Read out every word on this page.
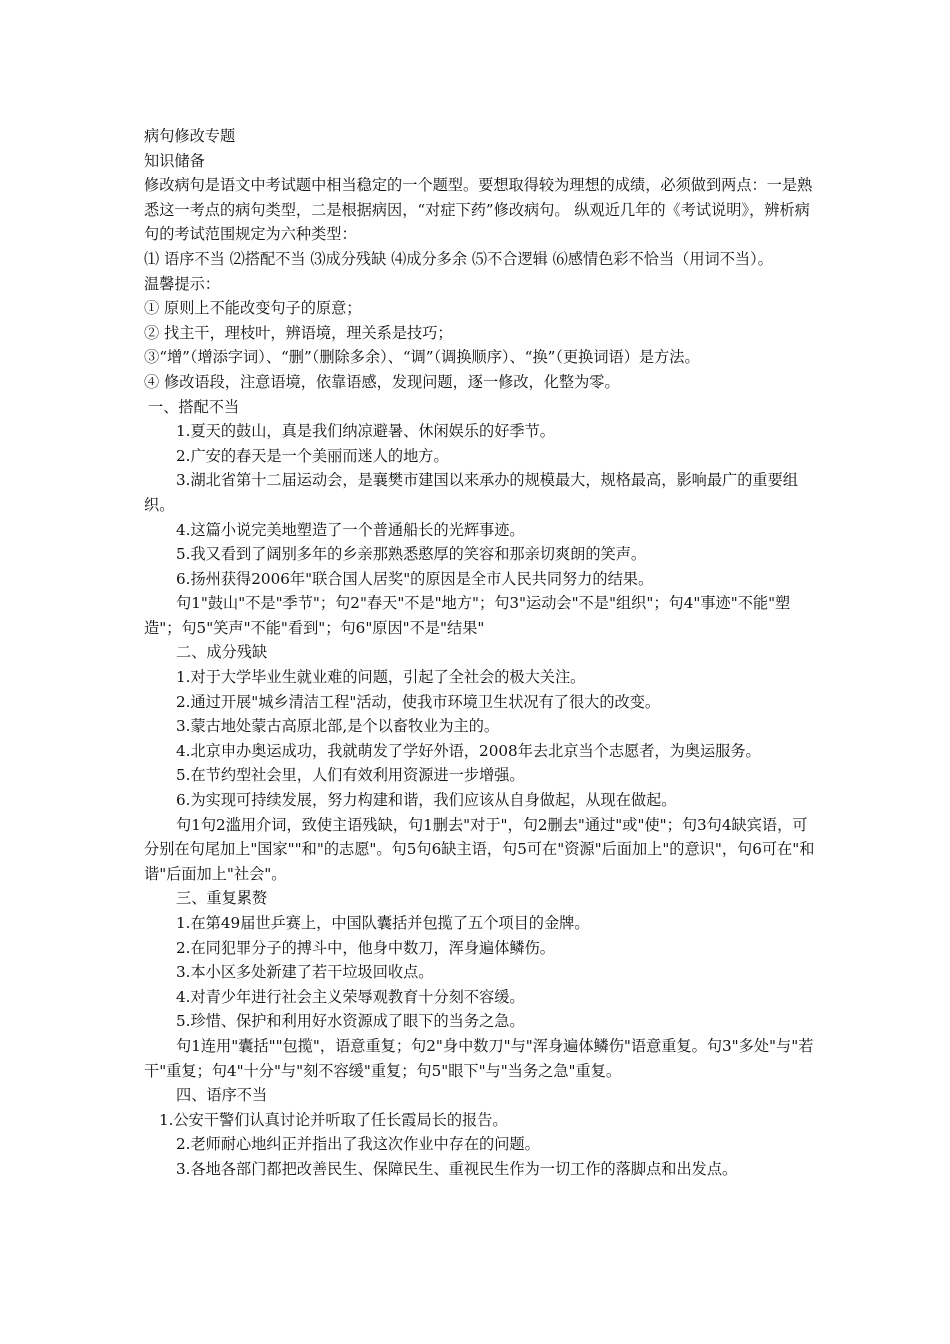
病句修改专题

知识储备

修改病句是语文中考试题中相当稳定的一个题型。要想取得较为理想的成绩，必须做到两点：一是熟悉这一考点的病句类型，二是根据病因，“对症下药”修改病句。 纵观近几年的《考试说明》，辨析病句的考试范围规定为六种类型：

⑴ 语序不当 ⑵搭配不当 ⑶成分残缺 ⑷成分多余 ⑸不合逻辑 ⑹感情色彩不恰当（用词不当）。

温馨提示：

① 原则上不能改变句子的原意；

② 找主干，理枝叶，辨语境，理关系是技巧；

③“增”（增添字词）、“删”（删除多余）、“调”（调换顺序）、“换”（更换词语）是方法。

④ 修改语段，注意语境，依靠语感，发现问题，逐一修改，化整为零。

一、搭配不当

1.夏天的鼓山，真是我们纳凉避暑、休闲娱乐的好季节。

2.广安的春天是一个美丽而迷人的地方。

3.湖北省第十二届运动会，是襄樊市建国以来承办的规模最大，规格最高，影响最广的重要组织。

4.这篇小说完美地塑造了一个普通船长的光辉事迹。

5.我又看到了阔别多年的乡亲那熟悉憨厚的笑容和那亲切爽朗的笑声。

6.扬州获得2006年"联合国人居奖"的原因是全市人民共同努力的结果。

句1"鼓山"不是"季节"；句2"春天"不是"地方"；句3"运动会"不是"组织"；句4"事迹"不能"塑造"；句5"笑声"不能"看到"；句6"原因"不是"结果"

二、成分残缺

1.对于大学毕业生就业难的问题，引起了全社会的极大关注。

2.通过开展"城乡清洁工程"活动，使我市环境卫生状况有了很大的改变。

3.蒙古地处蒙古高原北部,是个以畜牧业为主的。

4.北京申办奥运成功，我就萌发了学好外语，2008年去北京当个志愿者，为奥运服务。

5.在节约型社会里，人们有效利用资源进一步增强。

6.为实现可持续发展，努力构建和谐，我们应该从自身做起，从现在做起。

句1句2滥用介词，致使主语残缺，句1删去"对于"，句2删去"通过"或"使"；句3句4缺宾语，可分别在句尾加上"国家""和"的志愿"。句5句6缺主语，句5可在"资源"后面加上"的意识"，句6可在"和谐"后面加上"社会"。

三、重复累赘

1.在第49届世乒赛上，中国队囊括并包揽了五个项目的金牌。

2.在同犯罪分子的搏斗中，他身中数刀，浑身遍体鳞伤。

3.本小区多处新建了若干垃圾回收点。

4.对青少年进行社会主义荣辱观教育十分刻不容缓。

5.珍惜、保护和利用好水资源成了眼下的当务之急。

句1连用"囊括""包揽"，语意重复；句2"身中数刀"与"浑身遍体鳞伤"语意重复。句3"多处"与"若干"重复；句4"十分"与"刻不容缓"重复；句5"眼下"与"当务之急"重复。

四、语序不当

1.公安干警们认真讨论并听取了任长霞局长的报告。

2.老师耐心地纠正并指出了我这次作业中存在的问题。

3.各地各部门都把改善民生、保障民生、重视民生作为一切工作的落脚点和出发点。
